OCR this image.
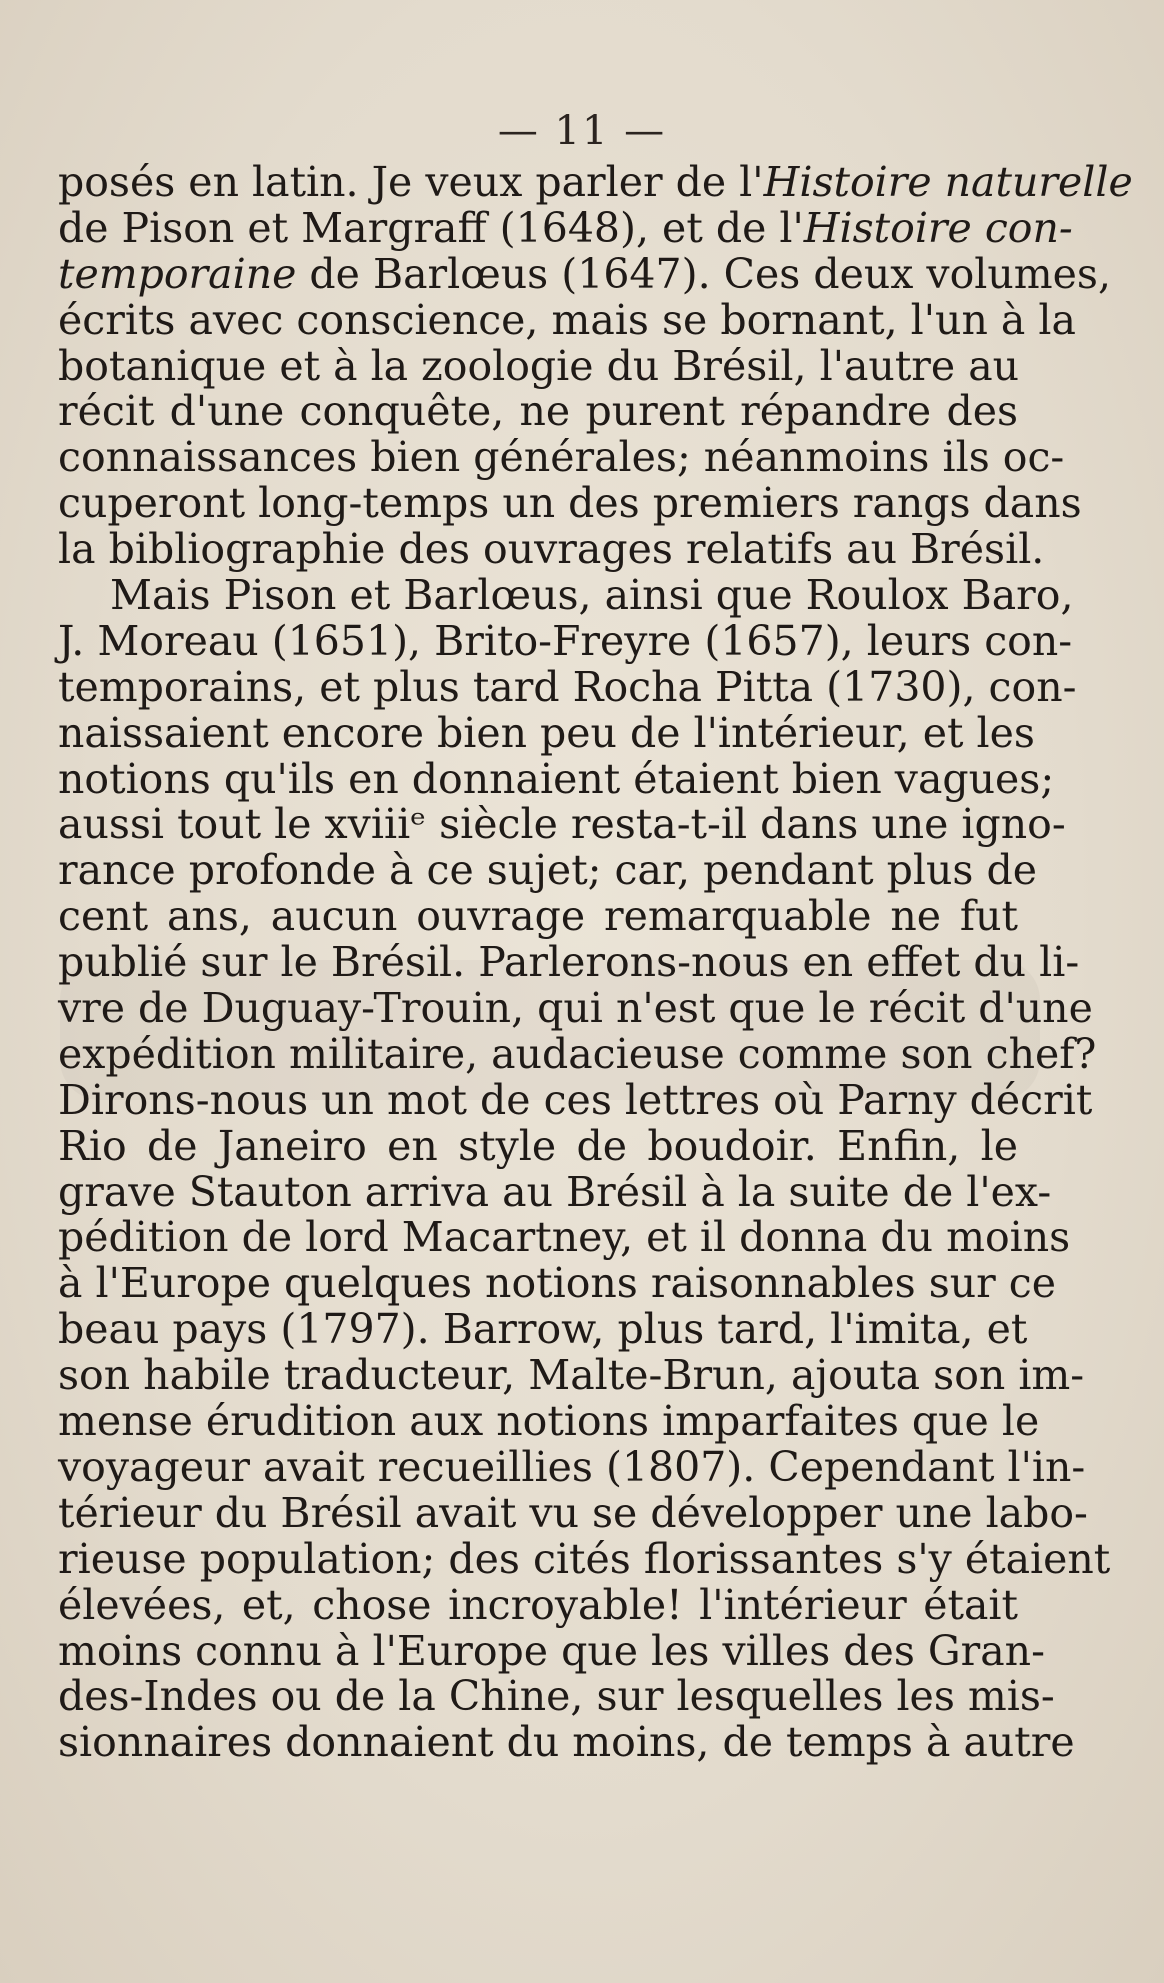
— 11 —
posés en latin. Je veux parler de l'Histoire naturelle
de Pison et Margraff (1648), et de l'Histoire con-
temporaine de Barlœus (1647). Ces deux volumes,
écrits avec conscience, mais se bornant, l'un à la
botanique et à la zoologie du Brésil, l'autre au
récit d'une conquête, ne purent répandre des
connaissances bien générales; néanmoins ils oc-
cuperont long-temps un des premiers rangs dans
la bibliographie des ouvrages relatifs au Brésil.
Mais Pison et Barlœus, ainsi que Roulox Baro,
J. Moreau (1651), Brito-Freyre (1657), leurs con-
temporains, et plus tard Rocha Pitta (1730), con-
naissaient encore bien peu de l'intérieur, et les
notions qu'ils en donnaient étaient bien vagues;
aussi tout le xviiiᵉ siècle resta-t-il dans une igno-
rance profonde à ce sujet; car, pendant plus de
cent ans, aucun ouvrage remarquable ne fut
publié sur le Brésil. Parlerons-nous en effet du li-
vre de Duguay-Trouin, qui n'est que le récit d'une
expédition militaire, audacieuse comme son chef?
Dirons-nous un mot de ces lettres où Parny décrit
Rio de Janeiro en style de boudoir. Enfin, le
grave Stauton arriva au Brésil à la suite de l'ex-
pédition de lord Macartney, et il donna du moins
à l'Europe quelques notions raisonnables sur ce
beau pays (1797). Barrow, plus tard, l'imita, et
son habile traducteur, Malte-Brun, ajouta son im-
mense érudition aux notions imparfaites que le
voyageur avait recueillies (1807). Cependant l'in-
térieur du Brésil avait vu se développer une labo-
rieuse population; des cités florissantes s'y étaient
élevées, et, chose incroyable! l'intérieur était
moins connu à l'Europe que les villes des Gran-
des-Indes ou de la Chine, sur lesquelles les mis-
sionnaires donnaient du moins, de temps à autre
